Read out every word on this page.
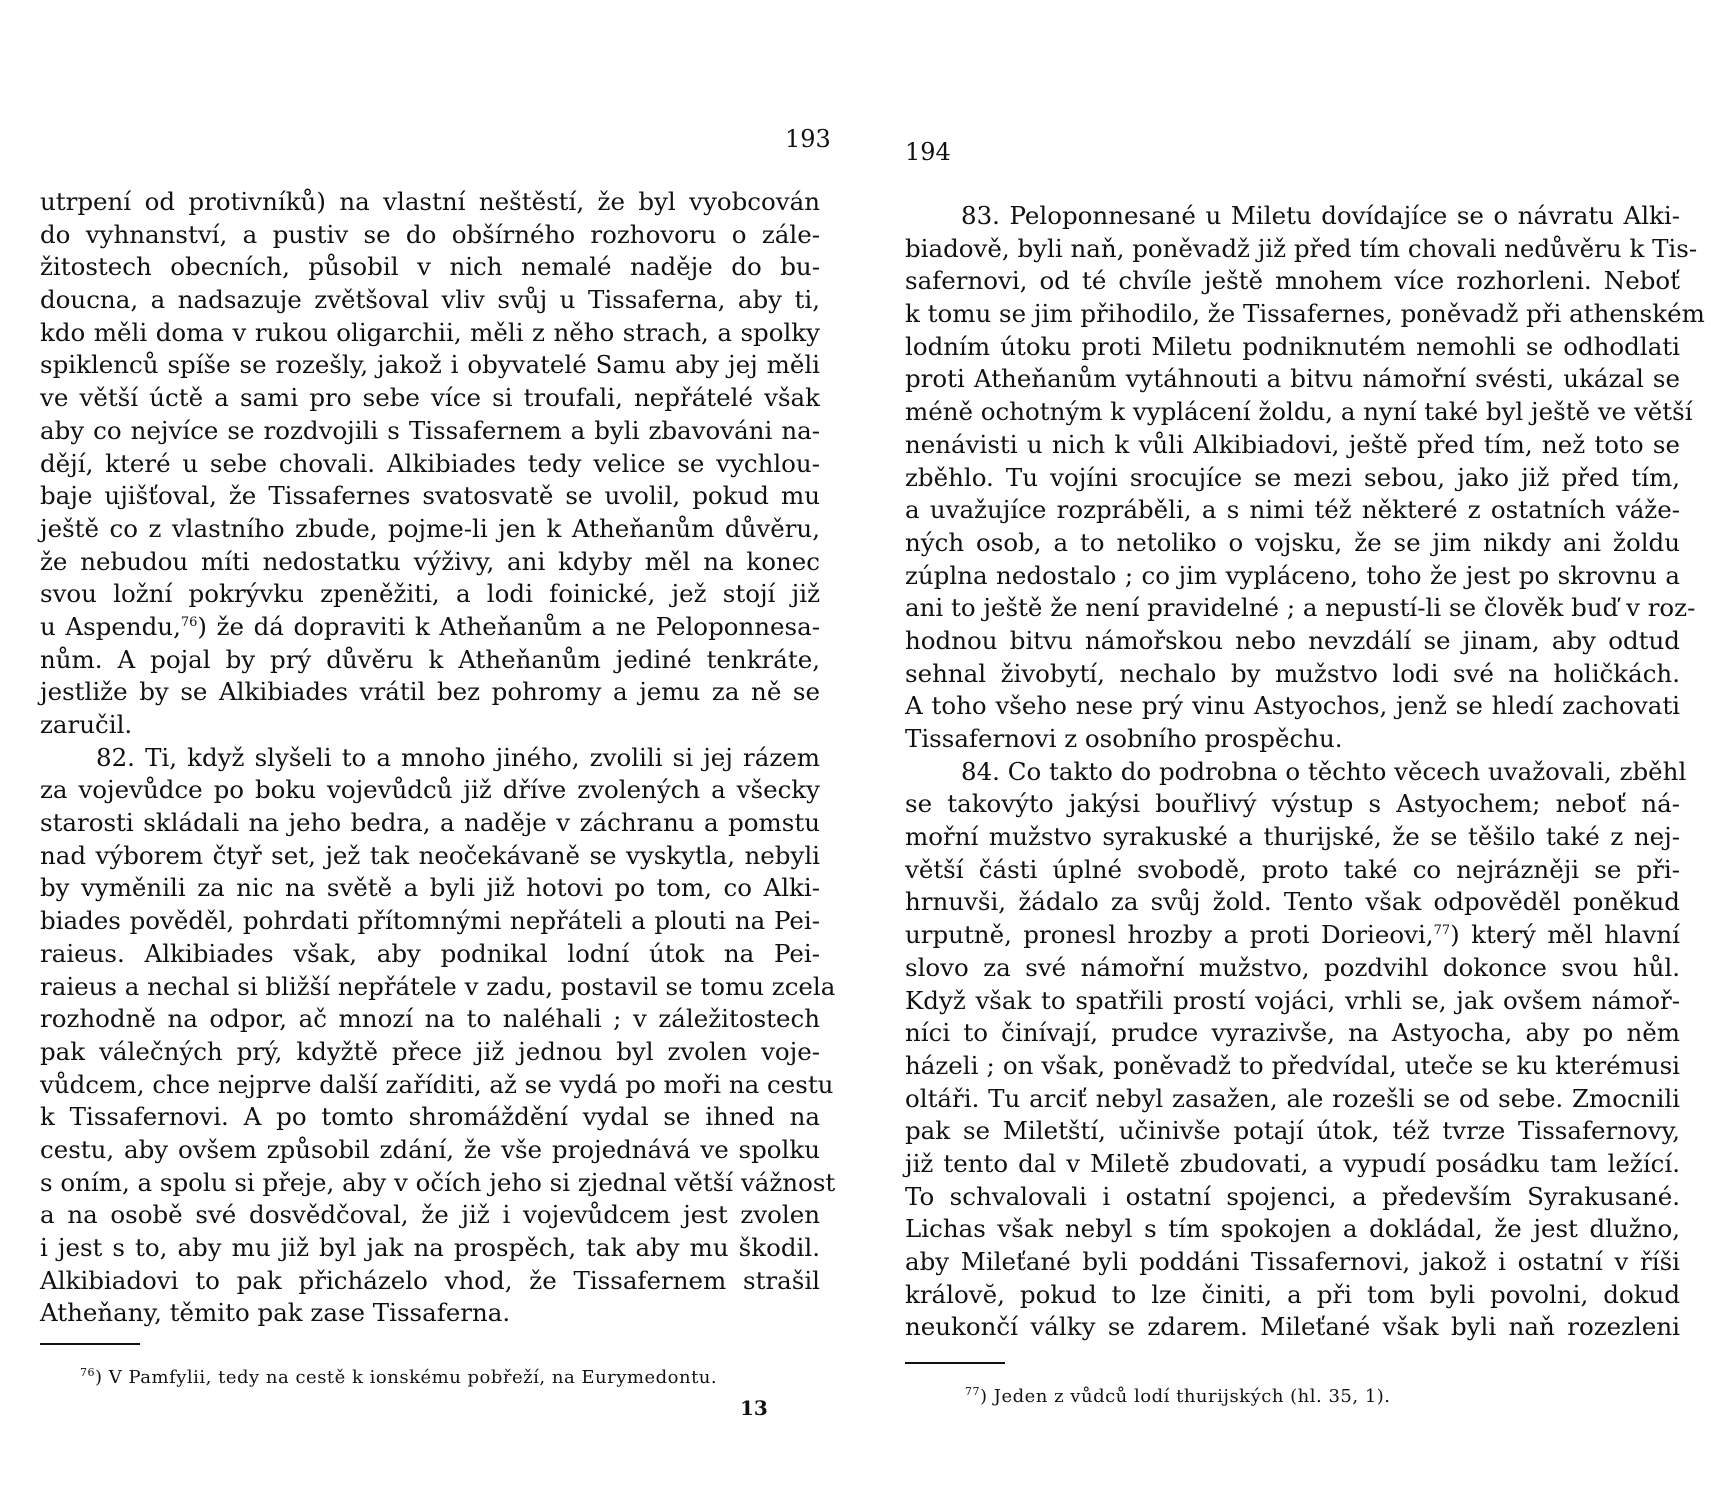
193
utrpení od protivníků) na vlastní neštěstí, že byl vyobcován
do vyhnanství, a pustiv se do obšírného rozhovoru o zále-
žitostech obecních, působil v nich nemalé naděje do bu-
doucna, a nadsazuje zvětšoval vliv svůj u Tissaferna, aby ti,
kdo měli doma v rukou oligarchii, měli z něho strach, a spolky
spiklenců spíše se rozešly, jakož i obyvatelé Samu aby jej měli
ve větší úctě a sami pro sebe více si troufali, nepřátelé však
aby co nejvíce se rozdvojili s Tissafernem a byli zbavováni na-
dějí, které u sebe chovali. Alkibiades tedy velice se vychlou-
baje ujišťoval, že Tissafernes svatosvatě se uvolil, pokud mu
ještě co z vlastního zbude, pojme-li jen k Atheňanům důvěru,
že nebudou míti nedostatku výživy, ani kdyby měl na konec
svou ložní pokrývku zpeněžiti, a lodi foinické, jež stojí již
u Aspendu,$^{76}$) že dá dopraviti k Atheňanům a ne Peloponnesa-
nům. A pojal by prý důvěru k Atheňanům jediné tenkráte,
jestliže by se Alkibiades vrátil bez pohromy a jemu za ně se
zaručil.
82. Ti, když slyšeli to a mnoho jiného, zvolili si jej rázem
za vojevůdce po boku vojevůdců již dříve zvolených a všecky
starosti skládali na jeho bedra, a naděje v záchranu a pomstu
nad výborem čtyř set, jež tak neočekávaně se vyskytla, nebyli
by vyměnili za nic na světě a byli již hotovi po tom, co Alki-
biades pověděl, pohrdati přítomnými nepřáteli a plouti na Pei-
raieus. Alkibiades však, aby podnikal lodní útok na Pei-
raieus a nechal si bližší nepřátele v zadu, postavil se tomu zcela
rozhodně na odpor, ač mnozí na to naléhali ; v záležitostech
pak válečných prý, kdyžtě přece již jednou byl zvolen voje-
vůdcem, chce nejprve další zaříditi, až se vydá po moři na cestu
k Tissafernovi. A po tomto shromáždění vydal se ihned na
cestu, aby ovšem způsobil zdání, že vše projednává ve spolku
s oním, a spolu si přeje, aby v očích jeho si zjednal větší vážnost
a na osobě své dosvědčoval, že již i vojevůdcem jest zvolen
i jest s to, aby mu již byl jak na prospěch, tak aby mu škodil.
Alkibiadovi to pak přicházelo vhod, že Tissafernem strašil
Atheňany, těmito pak zase Tissaferna.
$^{76}$) V Pamfylii, tedy na cestě k ionskému pobřeží, na Eurymedontu.
13
194
83. Peloponnesané u Miletu dovídajíce se o návratu Alki-
biadově, byli naň, poněvadž již před tím chovali nedůvěru k Tis-
safernovi, od té chvíle ještě mnohem více rozhorleni. Neboť
k tomu se jim přihodilo, že Tissafernes, poněvadž při athenském
lodním útoku proti Miletu podniknutém nemohli se odhodlati
proti Atheňanům vytáhnouti a bitvu námořní svésti, ukázal se
méně ochotným k vyplácení žoldu, a nyní také byl ještě ve větší
nenávisti u nich k vůli Alkibiadovi, ještě před tím, než toto se
zběhlo. Tu vojíni srocujíce se mezi sebou, jako již před tím,
a uvažujíce rozpráběli, a s nimi též některé z ostatních váže-
ných osob, a to netoliko o vojsku, že se jim nikdy ani žoldu
zúplna nedostalo ; co jim vypláceno, toho že jest po skrovnu a
ani to ještě že není pravidelné ; a nepustí-li se člověk buď v roz-
hodnou bitvu námořskou nebo nevzdálí se jinam, aby odtud
sehnal živobytí, nechalo by mužstvo lodi své na holičkách.
A toho všeho nese prý vinu Astyochos, jenž se hledí zachovati
Tissafernovi z osobního prospěchu.
84. Co takto do podrobna o těchto věcech uvažovali, zběhl
se takovýto jakýsi bouřlivý výstup s Astyochem; neboť ná-
mořní mužstvo syrakuské a thurijské, že se těšilo také z nej-
větší části úplné svobodě, proto také co nejrázněji se při-
hrnuvši, žádalo za svůj žold. Tento však odpověděl poněkud
urputně, pronesl hrozby a proti Dorieovi,$^{77}$) který měl hlavní
slovo za své námořní mužstvo, pozdvihl dokonce svou hůl.
Když však to spatřili prostí vojáci, vrhli se, jak ovšem námoř-
níci to činívají, prudce vyrazivše, na Astyocha, aby po něm
házeli ; on však, poněvadž to předvídal, uteče se ku kterémusi
oltáři. Tu arciť nebyl zasažen, ale rozešli se od sebe. Zmocnili
pak se Miletští, učinivše potají útok, též tvrze Tissafernovy,
již tento dal v Miletě zbudovati, a vypudí posádku tam ležící.
To schvalovali i ostatní spojenci, a především Syrakusané.
Lichas však nebyl s tím spokojen a dokládal, že jest dlužno,
aby Mileťané byli poddáni Tissafernovi, jakož i ostatní v říši
královĕ, pokud to lze činiti, a při tom byli povolni, dokud
neukončí války se zdarem. Mileťané však byli naň rozezleni
$^{77}$) Jeden z vůdců lodí thurijských (hl. 35, 1).
